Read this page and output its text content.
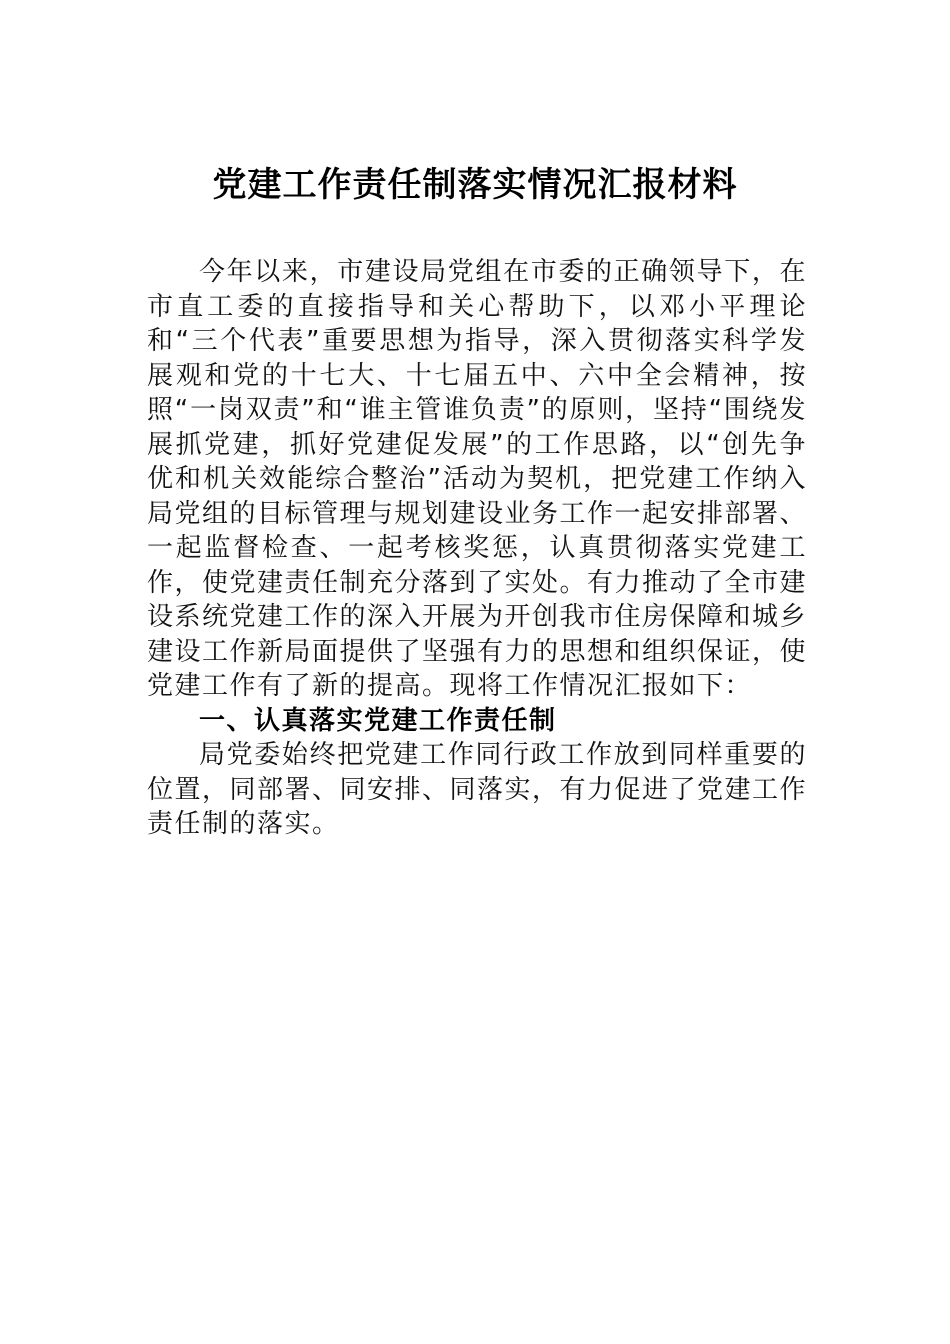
党建工作责任制落实情况汇报材料

今年以来，市建设局党组在市委的正确领导下，在市直工委的直接指导和关心帮助下，以邓小平理论和“三个代表”重要思想为指导，深入贯彻落实科学发展观和党的十七大、十七届五中、六中全会精神，按照“一岗双责”和“谁主管谁负责”的原则，坚持“围绕发展抓党建，抓好党建促发展”的工作思路，以“创先争优和机关效能综合整治”活动为契机，把党建工作纳入局党组的目标管理与规划建设业务工作一起安排部署、一起监督检查、一起考核奖惩，认真贯彻落实党建工作，使党建责任制充分落到了实处。有力推动了全市建设系统党建工作的深入开展为开创我市住房保障和城乡建设工作新局面提供了坚强有力的思想和组织保证，使党建工作有了新的提高。现将工作情况汇报如下：

一、认真落实党建工作责任制

局党委始终把党建工作同行政工作放到同样重要的位置，同部署、同安排、同落实，有力促进了党建工作责任制的落实。
